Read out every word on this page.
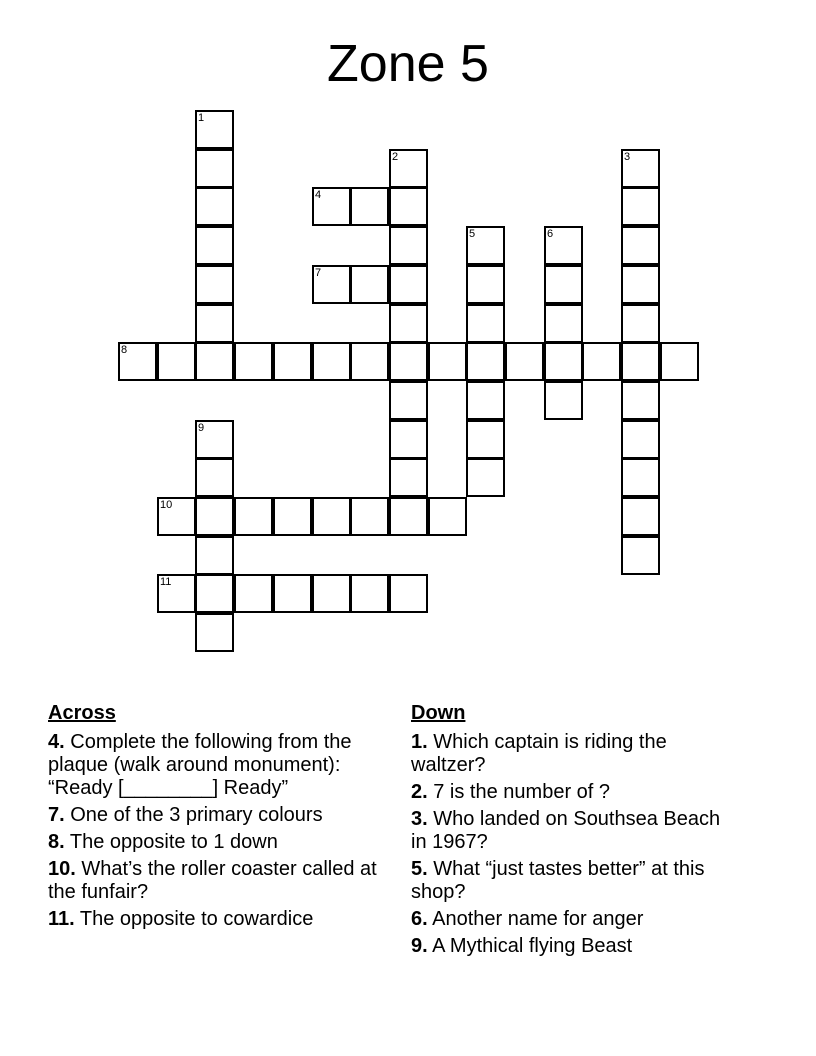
Zone 5
1
2	3
4
5	6
7
8
9
10
11
Across
4. Complete the following from the plaque (walk around monument): “Ready [________] Ready”
7. One of the 3 primary colours
8. The opposite to 1 down
10. What’s the roller coaster called at the funfair?
11. The opposite to cowardice
Down
1. Which captain is riding the waltzer?
2. 7 is the number of ?
3. Who landed on Southsea Beach in 1967?
5. What “just tastes better” at this shop?
6. Another name for anger
9. A Mythical flying Beast
